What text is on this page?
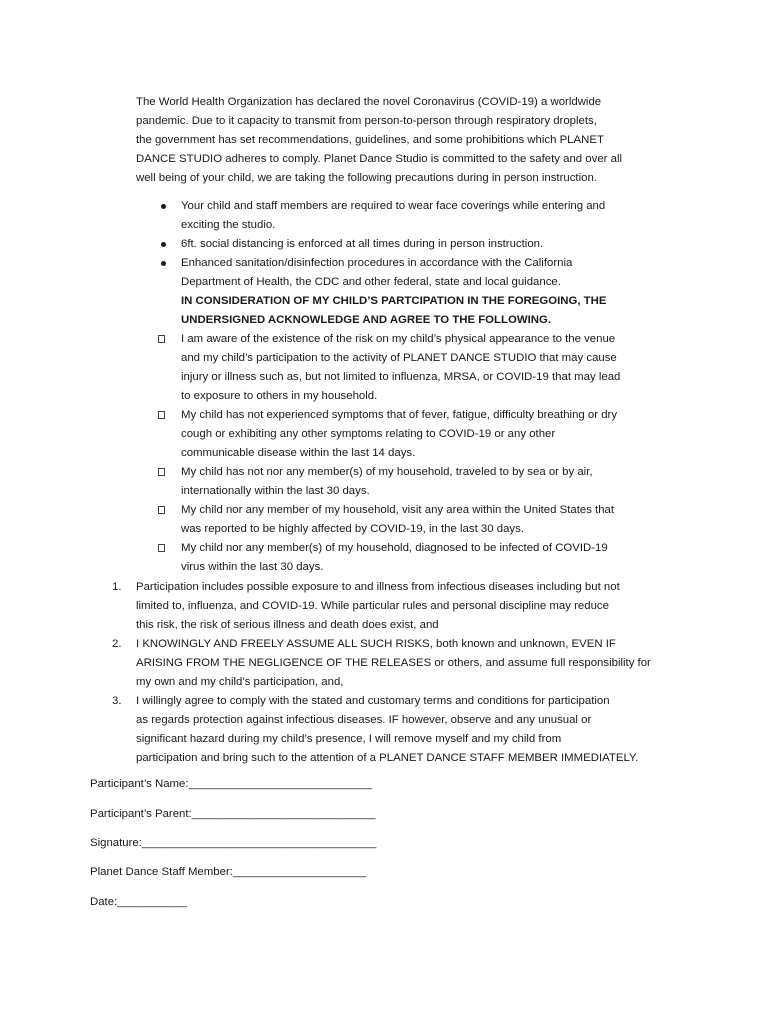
The World Health Organization has declared the novel Coronavirus (COVID-19) a worldwide
pandemic. Due to it capacity to transmit from person-to-person through respiratory droplets,
the government has set recommendations, guidelines, and some prohibitions which PLANET
DANCE STUDIO adheres to comply. Planet Dance Studio is committed to the safety and over all
well being of your child, we are taking the following precautions during in person instruction.

Your child and staff members are required to wear face coverings while entering and
exciting the studio.

6ft. social distancing is enforced at all times during in person instruction.

Enhanced sanitation/disinfection procedures in accordance with the California
Department of Health, the CDC and other federal, state and local guidance.

IN CONSIDERATION OF MY CHILD’S PARTCIPATION IN THE FOREGOING, THE
UNDERSIGNED ACKNOWLEDGE AND AGREE TO THE FOLLOWING.

I am aware of the existence of the risk on my child’s physical appearance to the venue
and my child’s participation to the activity of PLANET DANCE STUDIO that may cause
injury or illness such as, but not limited to influenza, MRSA, or COVID-19 that may lead
to exposure to others in my household.

My child has not experienced symptoms that of fever, fatigue, difficulty breathing or dry
cough or exhibiting any other symptoms relating to COVID-19 or any other
communicable disease within the last 14 days.

My child has not nor any member(s) of my household, traveled to by sea or by air,
internationally within the last 30 days.

My child nor any member of my household, visit any area within the United States that
was reported to be highly affected by COVID-19, in the last 30 days.

My child nor any member(s) of my household, diagnosed to be infected of COVID-19
virus within the last 30 days.

1. Participation includes possible exposure to and illness from infectious diseases including but not
limited to, influenza, and COVID-19. While particular rules and personal discipline may reduce
this risk, the risk of serious illness and death does exist, and

2. I KNOWINGLY AND FREELY ASSUME ALL SUCH RISKS, both known and unknown, EVEN IF
ARISING FROM THE NEGLIGENCE OF THE RELEASES or others, and assume full responsibility for
my own and my child’s participation, and,

3. I willingly agree to comply with the stated and customary terms and conditions for participation
as regards protection against infectious diseases. IF however, observe and any unusual or
significant hazard during my child’s presence, I will remove myself and my child from
participation and bring such to the attention of a PLANET DANCE STAFF MEMBER IMMEDIATELY.

Participant’s Name:_____________________________
Participant’s Parent:_____________________________
Signature:_____________________________________
Planet Dance Staff Member:_____________________
Date:___________
